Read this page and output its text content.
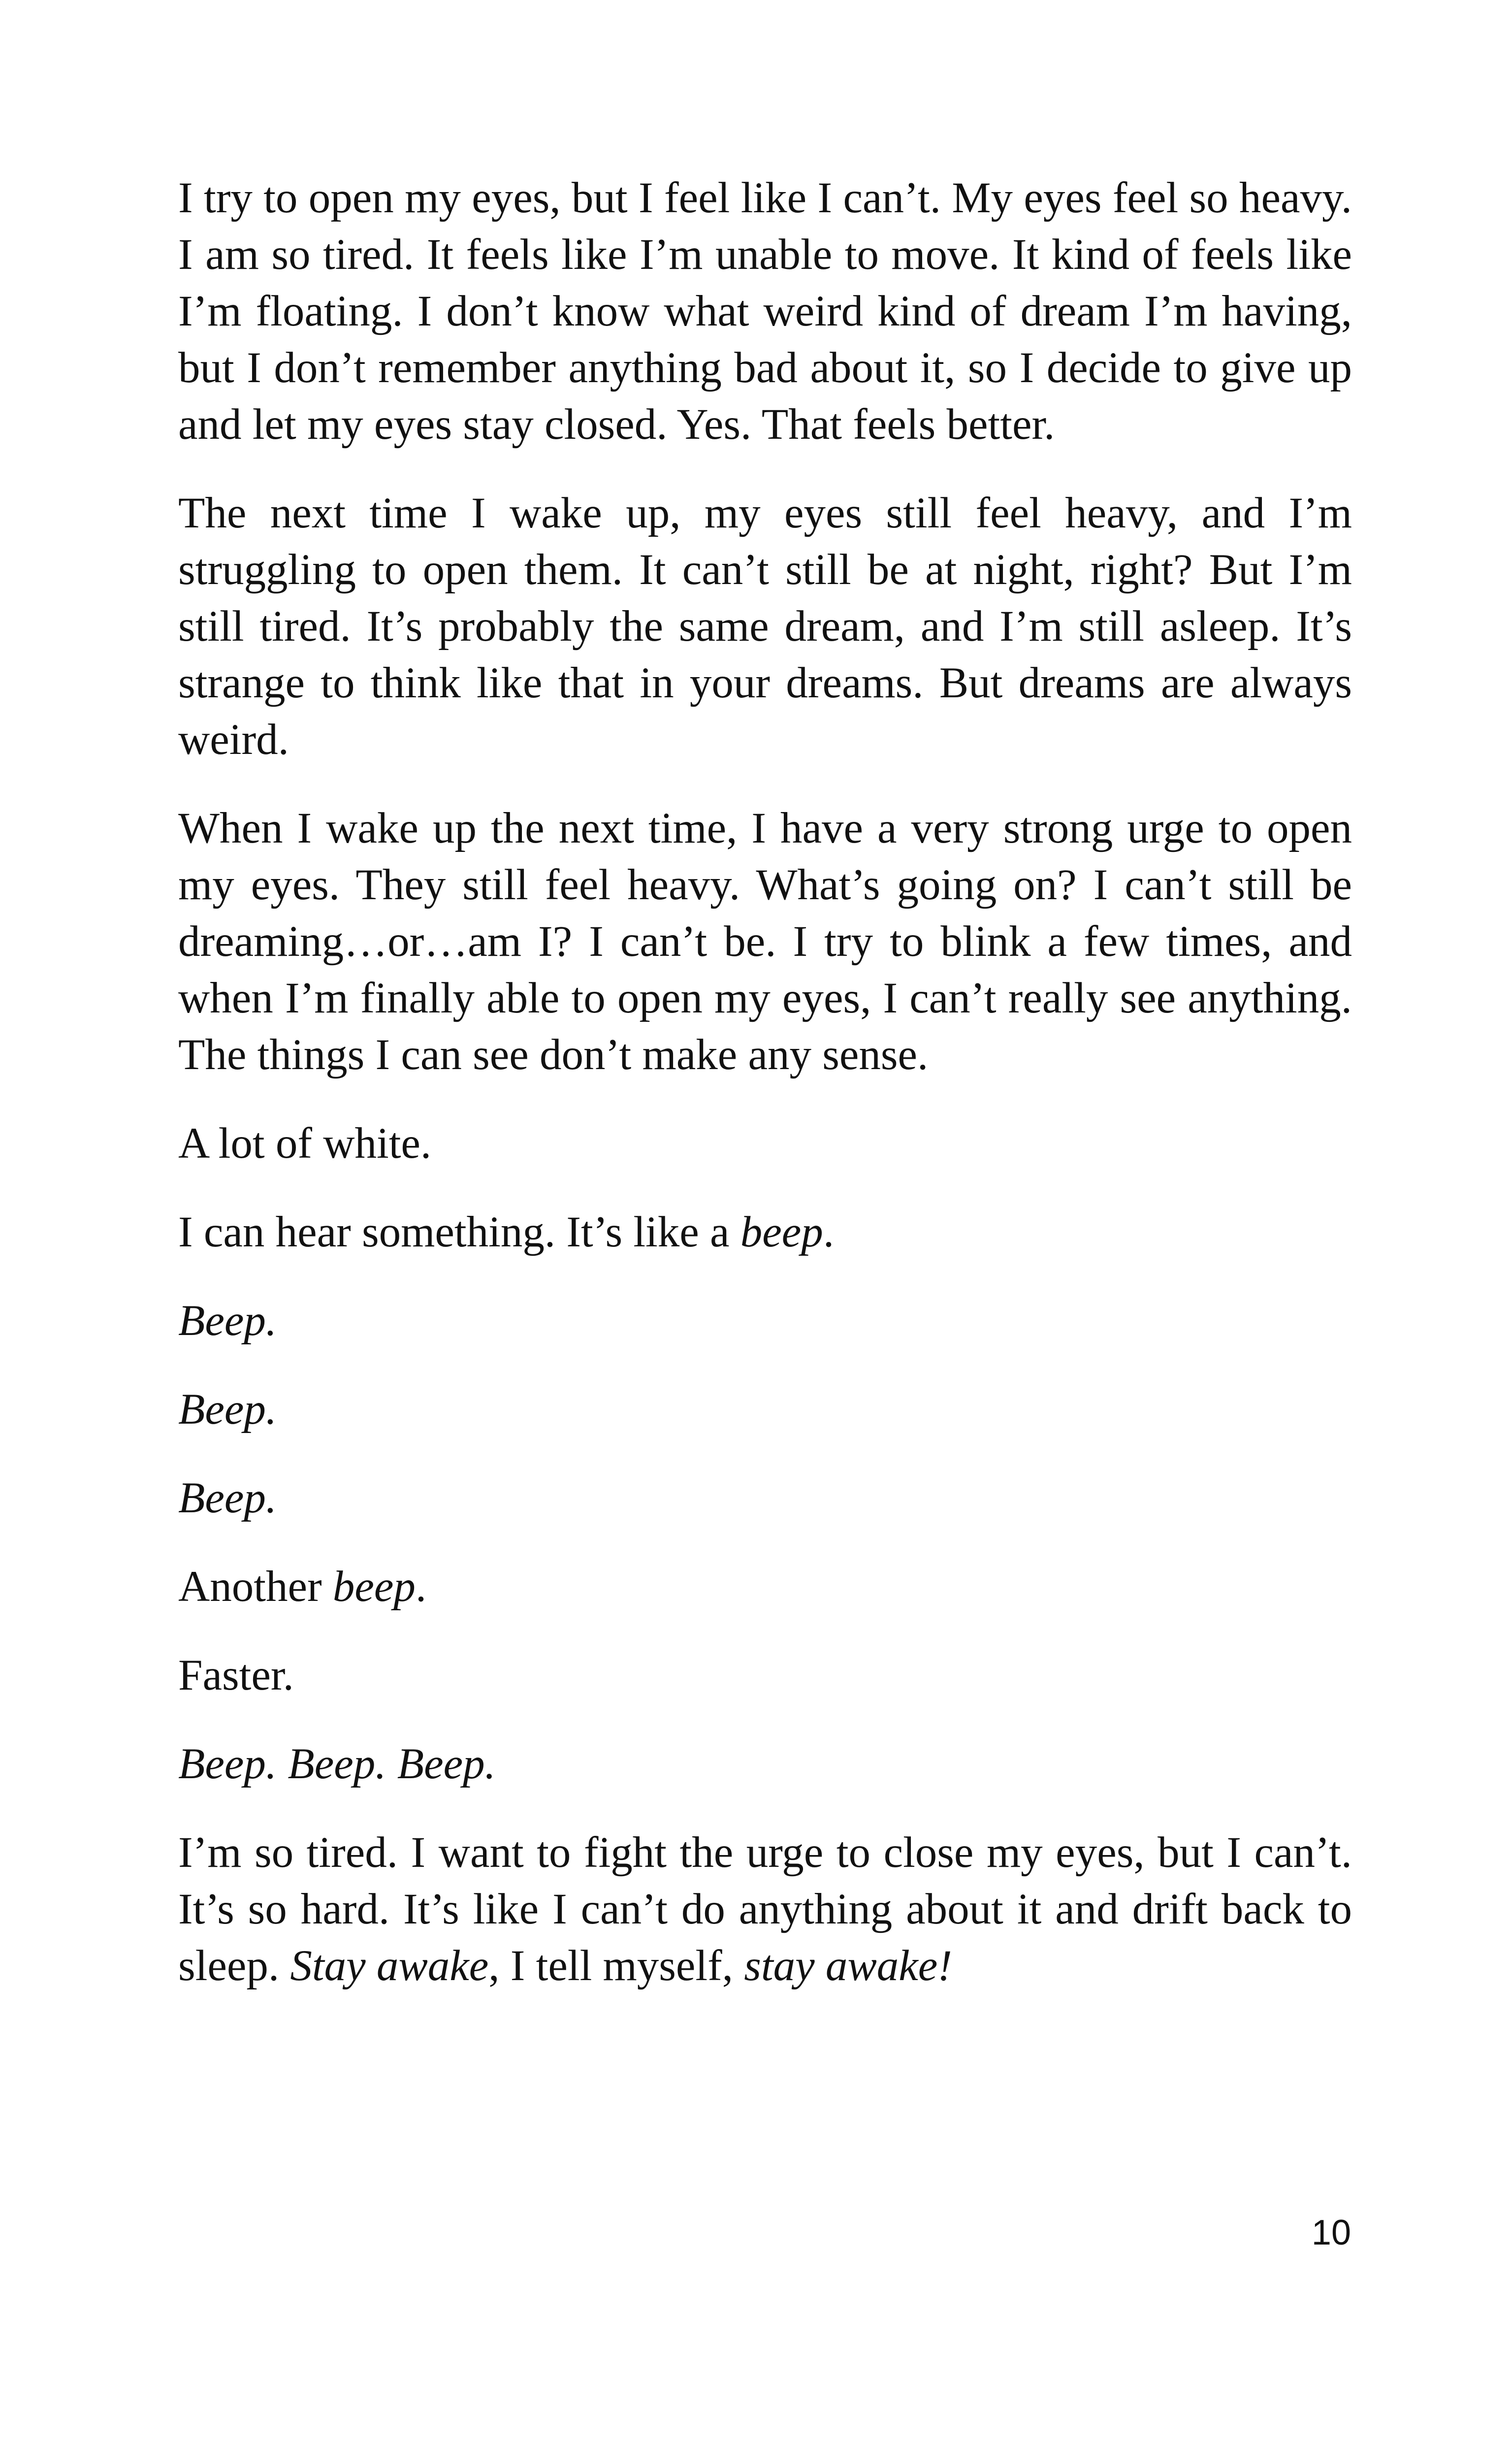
I try to open my eyes, but I feel like I can’t. My eyes feel so heavy. I am so tired. It feels like I’m unable to move. It kind of feels like I’m floating. I don’t know what weird kind of dream I’m having, but I don’t remember anything bad about it, so I decide to give up and let my eyes stay closed. Yes. That feels better.

The next time I wake up, my eyes still feel heavy, and I’m struggling to open them. It can’t still be at night, right? But I’m still tired. It’s probably the same dream, and I’m still asleep. It’s strange to think like that in your dreams. But dreams are always weird.

When I wake up the next time, I have a very strong urge to open my eyes. They still feel heavy. What’s going on? I can’t still be dreaming…or…am I? I can’t be. I try to blink a few times, and when I’m finally able to open my eyes, I can’t really see anything. The things I can see don’t make any sense.

A lot of white.

I can hear something. It’s like a beep.

Beep.

Beep.

Beep.

Another beep.

Faster.

Beep. Beep. Beep.

I’m so tired. I want to fight the urge to close my eyes, but I can’t. It’s so hard. It’s like I can’t do anything about it and drift back to sleep. Stay awake, I tell myself, stay awake!

10
